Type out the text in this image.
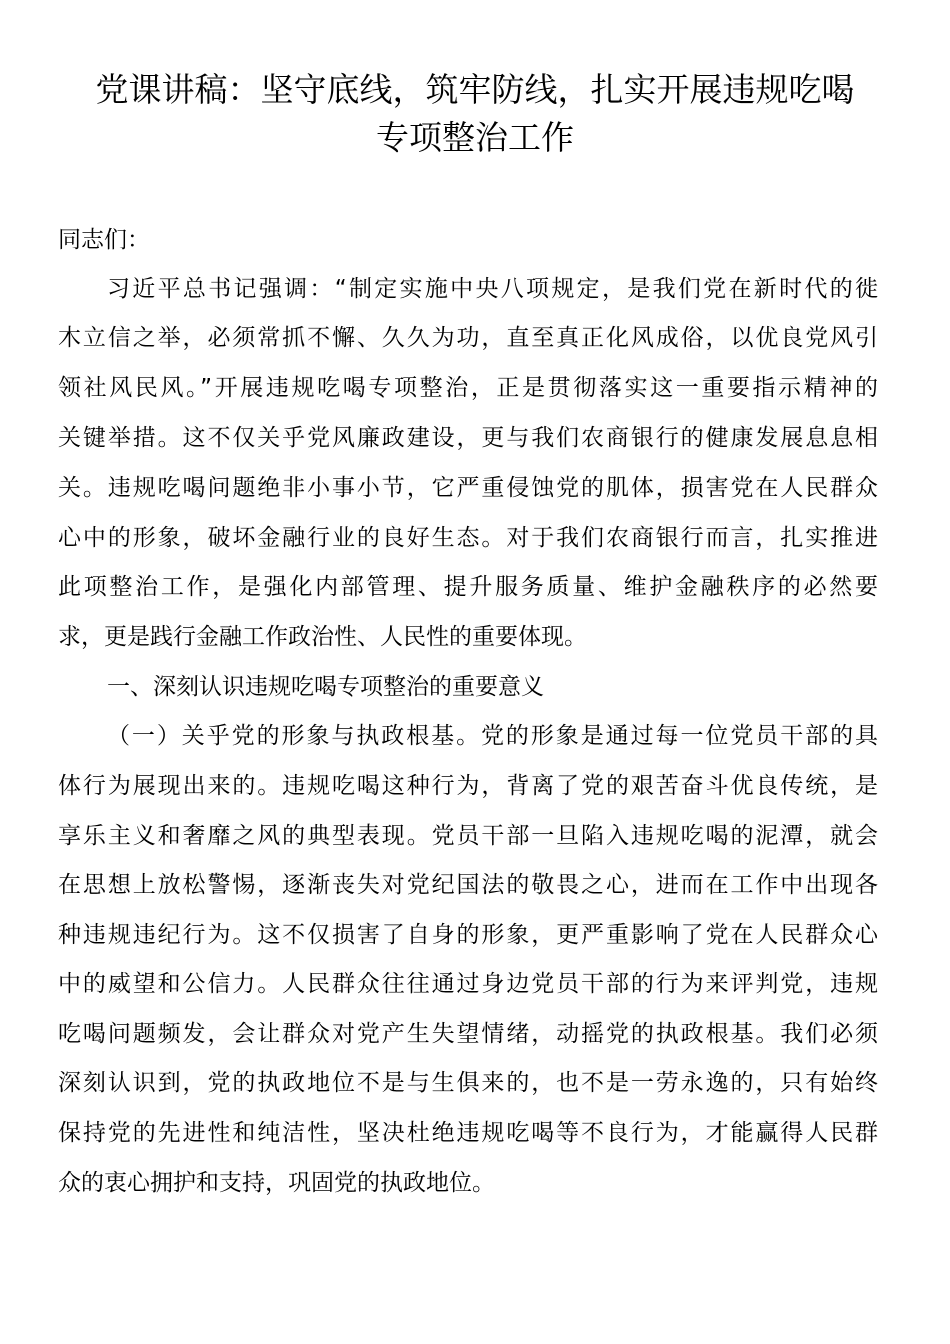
党课讲稿：坚守底线，筑牢防线，扎实开展违规吃喝
专项整治工作
同志们：
习近平总书记强调：“制定实施中央八项规定，是我们党在新时代的徙
木立信之举，必须常抓不懈、久久为功，直至真正化风成俗，以优良党风引
领社风民风。”开展违规吃喝专项整治，正是贯彻落实这一重要指示精神的
关键举措。这不仅关乎党风廉政建设，更与我们农商银行的健康发展息息相
关。违规吃喝问题绝非小事小节，它严重侵蚀党的肌体，损害党在人民群众
心中的形象，破坏金融行业的良好生态。对于我们农商银行而言，扎实推进
此项整治工作，是强化内部管理、提升服务质量、维护金融秩序的必然要
求，更是践行金融工作政治性、人民性的重要体现。
一、深刻认识违规吃喝专项整治的重要意义
（一）关乎党的形象与执政根基。党的形象是通过每一位党员干部的具
体行为展现出来的。违规吃喝这种行为，背离了党的艰苦奋斗优良传统，是
享乐主义和奢靡之风的典型表现。党员干部一旦陷入违规吃喝的泥潭，就会
在思想上放松警惕，逐渐丧失对党纪国法的敬畏之心，进而在工作中出现各
种违规违纪行为。这不仅损害了自身的形象，更严重影响了党在人民群众心
中的威望和公信力。人民群众往往通过身边党员干部的行为来评判党，违规
吃喝问题频发，会让群众对党产生失望情绪，动摇党的执政根基。我们必须
深刻认识到，党的执政地位不是与生俱来的，也不是一劳永逸的，只有始终
保持党的先进性和纯洁性，坚决杜绝违规吃喝等不良行为，才能赢得人民群
众的衷心拥护和支持，巩固党的执政地位。
